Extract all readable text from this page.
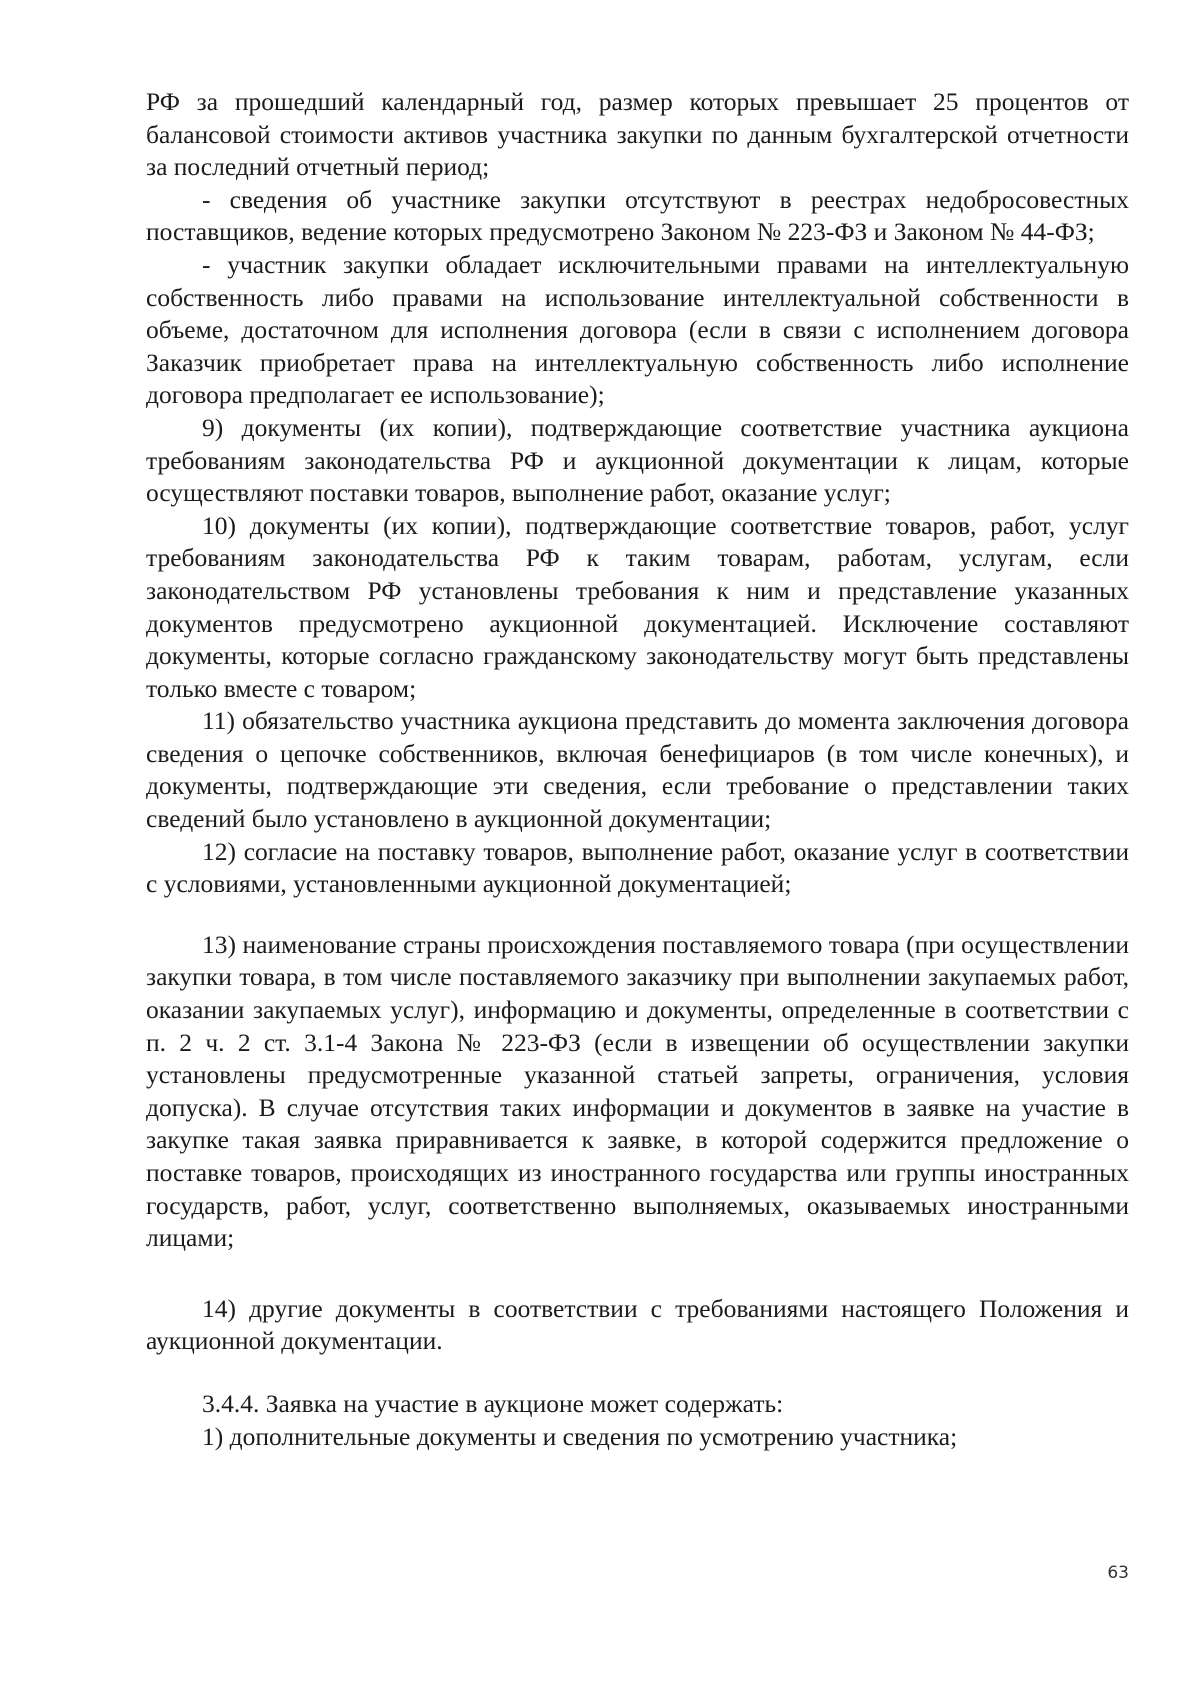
РФ за прошедший календарный год, размер которых превышает 25 процентов от балансовой стоимости активов участника закупки по данным бухгалтерской отчетности за последний отчетный период;

- сведения об участнике закупки отсутствуют в реестрах недобросовестных поставщиков, ведение которых предусмотрено Законом № 223-ФЗ и Законом № 44-ФЗ;

- участник закупки обладает исключительными правами на интеллектуальную собственность либо правами на использование интеллектуальной собственности в объеме, достаточном для исполнения договора (если в связи с исполнением договора Заказчик приобретает права на интеллектуальную собственность либо исполнение договора предполагает ее использование);

9) документы (их копии), подтверждающие соответствие участника аукциона требованиям законодательства РФ и аукционной документации к лицам, которые осуществляют поставки товаров, выполнение работ, оказание услуг;

10) документы (их копии), подтверждающие соответствие товаров, работ, услуг требованиям законодательства РФ к таким товарам, работам, услугам, если законодательством РФ установлены требования к ним и представление указанных документов предусмотрено аукционной документацией. Исключение составляют документы, которые согласно гражданскому законодательству могут быть представлены только вместе с товаром;

11) обязательство участника аукциона представить до момента заключения договора сведения о цепочке собственников, включая бенефициаров (в том числе конечных), и документы, подтверждающие эти сведения, если требование о представлении таких сведений было установлено в аукционной документации;

12) согласие на поставку товаров, выполнение работ, оказание услуг в соответствии с условиями, установленными аукционной документацией;

13) наименование страны происхождения поставляемого товара (при осуществлении закупки товара, в том числе поставляемого заказчику при выполнении закупаемых работ, оказании закупаемых услуг), информацию и документы, определенные в соответствии с п. 2 ч. 2 ст. 3.1-4 Закона № 223-ФЗ (если в извещении об осуществлении закупки установлены предусмотренные указанной статьей запреты, ограничения, условия допуска). В случае отсутствия таких информации и документов в заявке на участие в закупке такая заявка приравнивается к заявке, в которой содержится предложение о поставке товаров, происходящих из иностранного государства или группы иностранных государств, работ, услуг, соответственно выполняемых, оказываемых иностранными лицами;

14) другие документы в соответствии с требованиями настоящего Положения и аукционной документации.

3.4.4. Заявка на участие в аукционе может содержать:

1) дополнительные документы и сведения по усмотрению участника;

63
